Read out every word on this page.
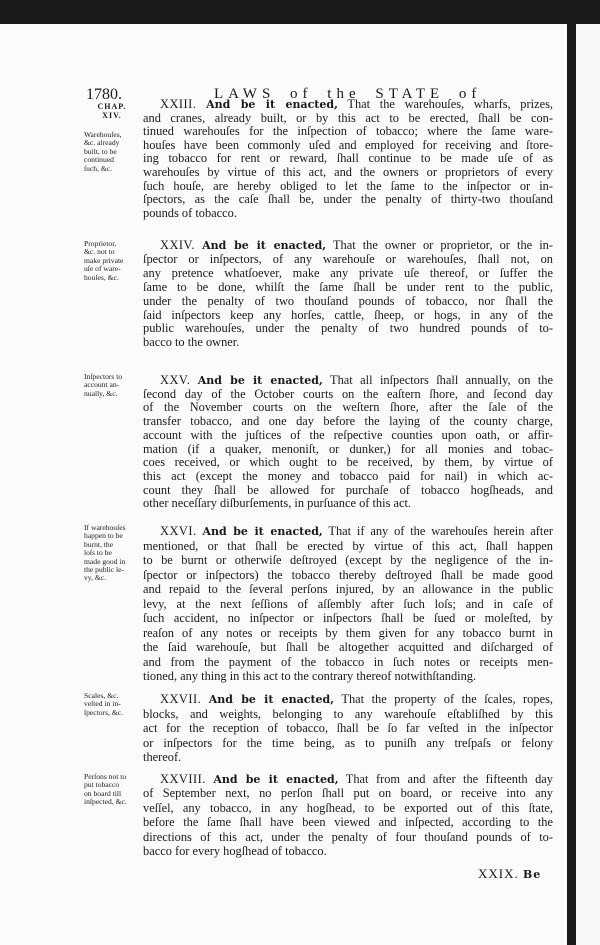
1780.	LAWS of the STATE of
CHAP.
XIV.
Warehouſes,
&c. already
built, to be
continued
ſuch, &c.
XXIII. And be it enacted, That the warehouſes, wharfs, prizes,
and cranes, already built, or by this act to be erected, ſhall be con-
tinued warehouſes for the inſpection of tobacco; where the ſame ware-
houſes have been commonly uſed and employed for receiving and ſtore-
ing tobacco for rent or reward, ſhall continue to be made uſe of as
warehouſes by virtue of this act, and the owners or proprietors of every
ſuch houſe, are hereby obliged to let the ſame to the inſpector or in-
ſpectors, as the caſe ſhall be, under the penalty of thirty-two thouſand
pounds of tobacco.
Proprietor,
&c. not to
make private
uſe of ware-
houſes, &c.
XXIV. And be it enacted, That the owner or proprietor, or the in-
ſpector or inſpectors, of any warehouſe or warehouſes, ſhall not, on
any pretence whatſoever, make any private uſe thereof, or ſuffer the
ſame to be done, whilſt the ſame ſhall be under rent to the public,
under the penalty of two thouſand pounds of tobacco, nor ſhall the
ſaid inſpectors keep any horſes, cattle, ſheep, or hogs, in any of the
public warehouſes, under the penalty of two hundred pounds of to-
bacco to the owner.
Inſpectors to
account an-
nually, &c.
XXV. And be it enacted, That all inſpectors ſhall annually, on the
ſecond day of the October courts on the eaſtern ſhore, and ſecond day
of the November courts on the weſtern ſhore, after the ſale of the
transfer tobacco, and one day before the laying of the county charge,
account with the juſtices of the reſpective counties upon oath, or affir-
mation (if a quaker, menoniſt, or dunker,) for all monies and tobac-
coes received, or which ought to be received, by them, by virtue of
this act (except the money and tobacco paid for nail) in which ac-
count they ſhall be allowed for purchaſe of tobacco hogſheads, and
other neceſſary diſburſements, in purſuance of this act.
If warehouſes
happen to be
burnt, the
loſs to be
made good in
the public le-
vy, &c.
XXVI. And be it enacted, That if any of the warehouſes herein after
mentioned, or that ſhall be erected by virtue of this act, ſhall happen
to be burnt or otherwiſe deſtroyed (except by the negligence of the in-
ſpector or inſpectors) the tobacco thereby deſtroyed ſhall be made good
and repaid to the ſeveral perſons injured, by an allowance in the public
levy, at the next ſeſſions of aſſembly after ſuch loſs; and in caſe of
ſuch accident, no inſpector or inſpectors ſhall be ſued or moleſted, by
reaſon of any notes or receipts by them given for any tobacco burnt in
the ſaid warehouſe, but ſhall be altogether acquitted and diſcharged of
and from the payment of the tobacco in ſuch notes or receipts men-
tioned, any thing in this act to the contrary thereof notwithſtanding.
Scales, &c.
veſted in in-
ſpectors, &c.
XXVII. And be it enacted, That the property of the ſcales, ropes,
blocks, and weights, belonging to any warehouſe eſtabliſhed by this
act for the reception of tobacco, ſhall be ſo far veſted in the inſpector
or inſpectors for the time being, as to puniſh any treſpaſs or felony
thereof.
Perſons not to
put tobacco
on board till
inſpected, &c.
XXVIII. And be it enacted, That from and after the fifteenth day
of September next, no perſon ſhall put on board, or receive into any
veſſel, any tobacco, in any hogſhead, to be exported out of this ſtate,
before the ſame ſhall have been viewed and inſpected, according to the
directions of this act, under the penalty of four thouſand pounds of to-
bacco for every hogſhead of tobacco.
XXIX. Be
